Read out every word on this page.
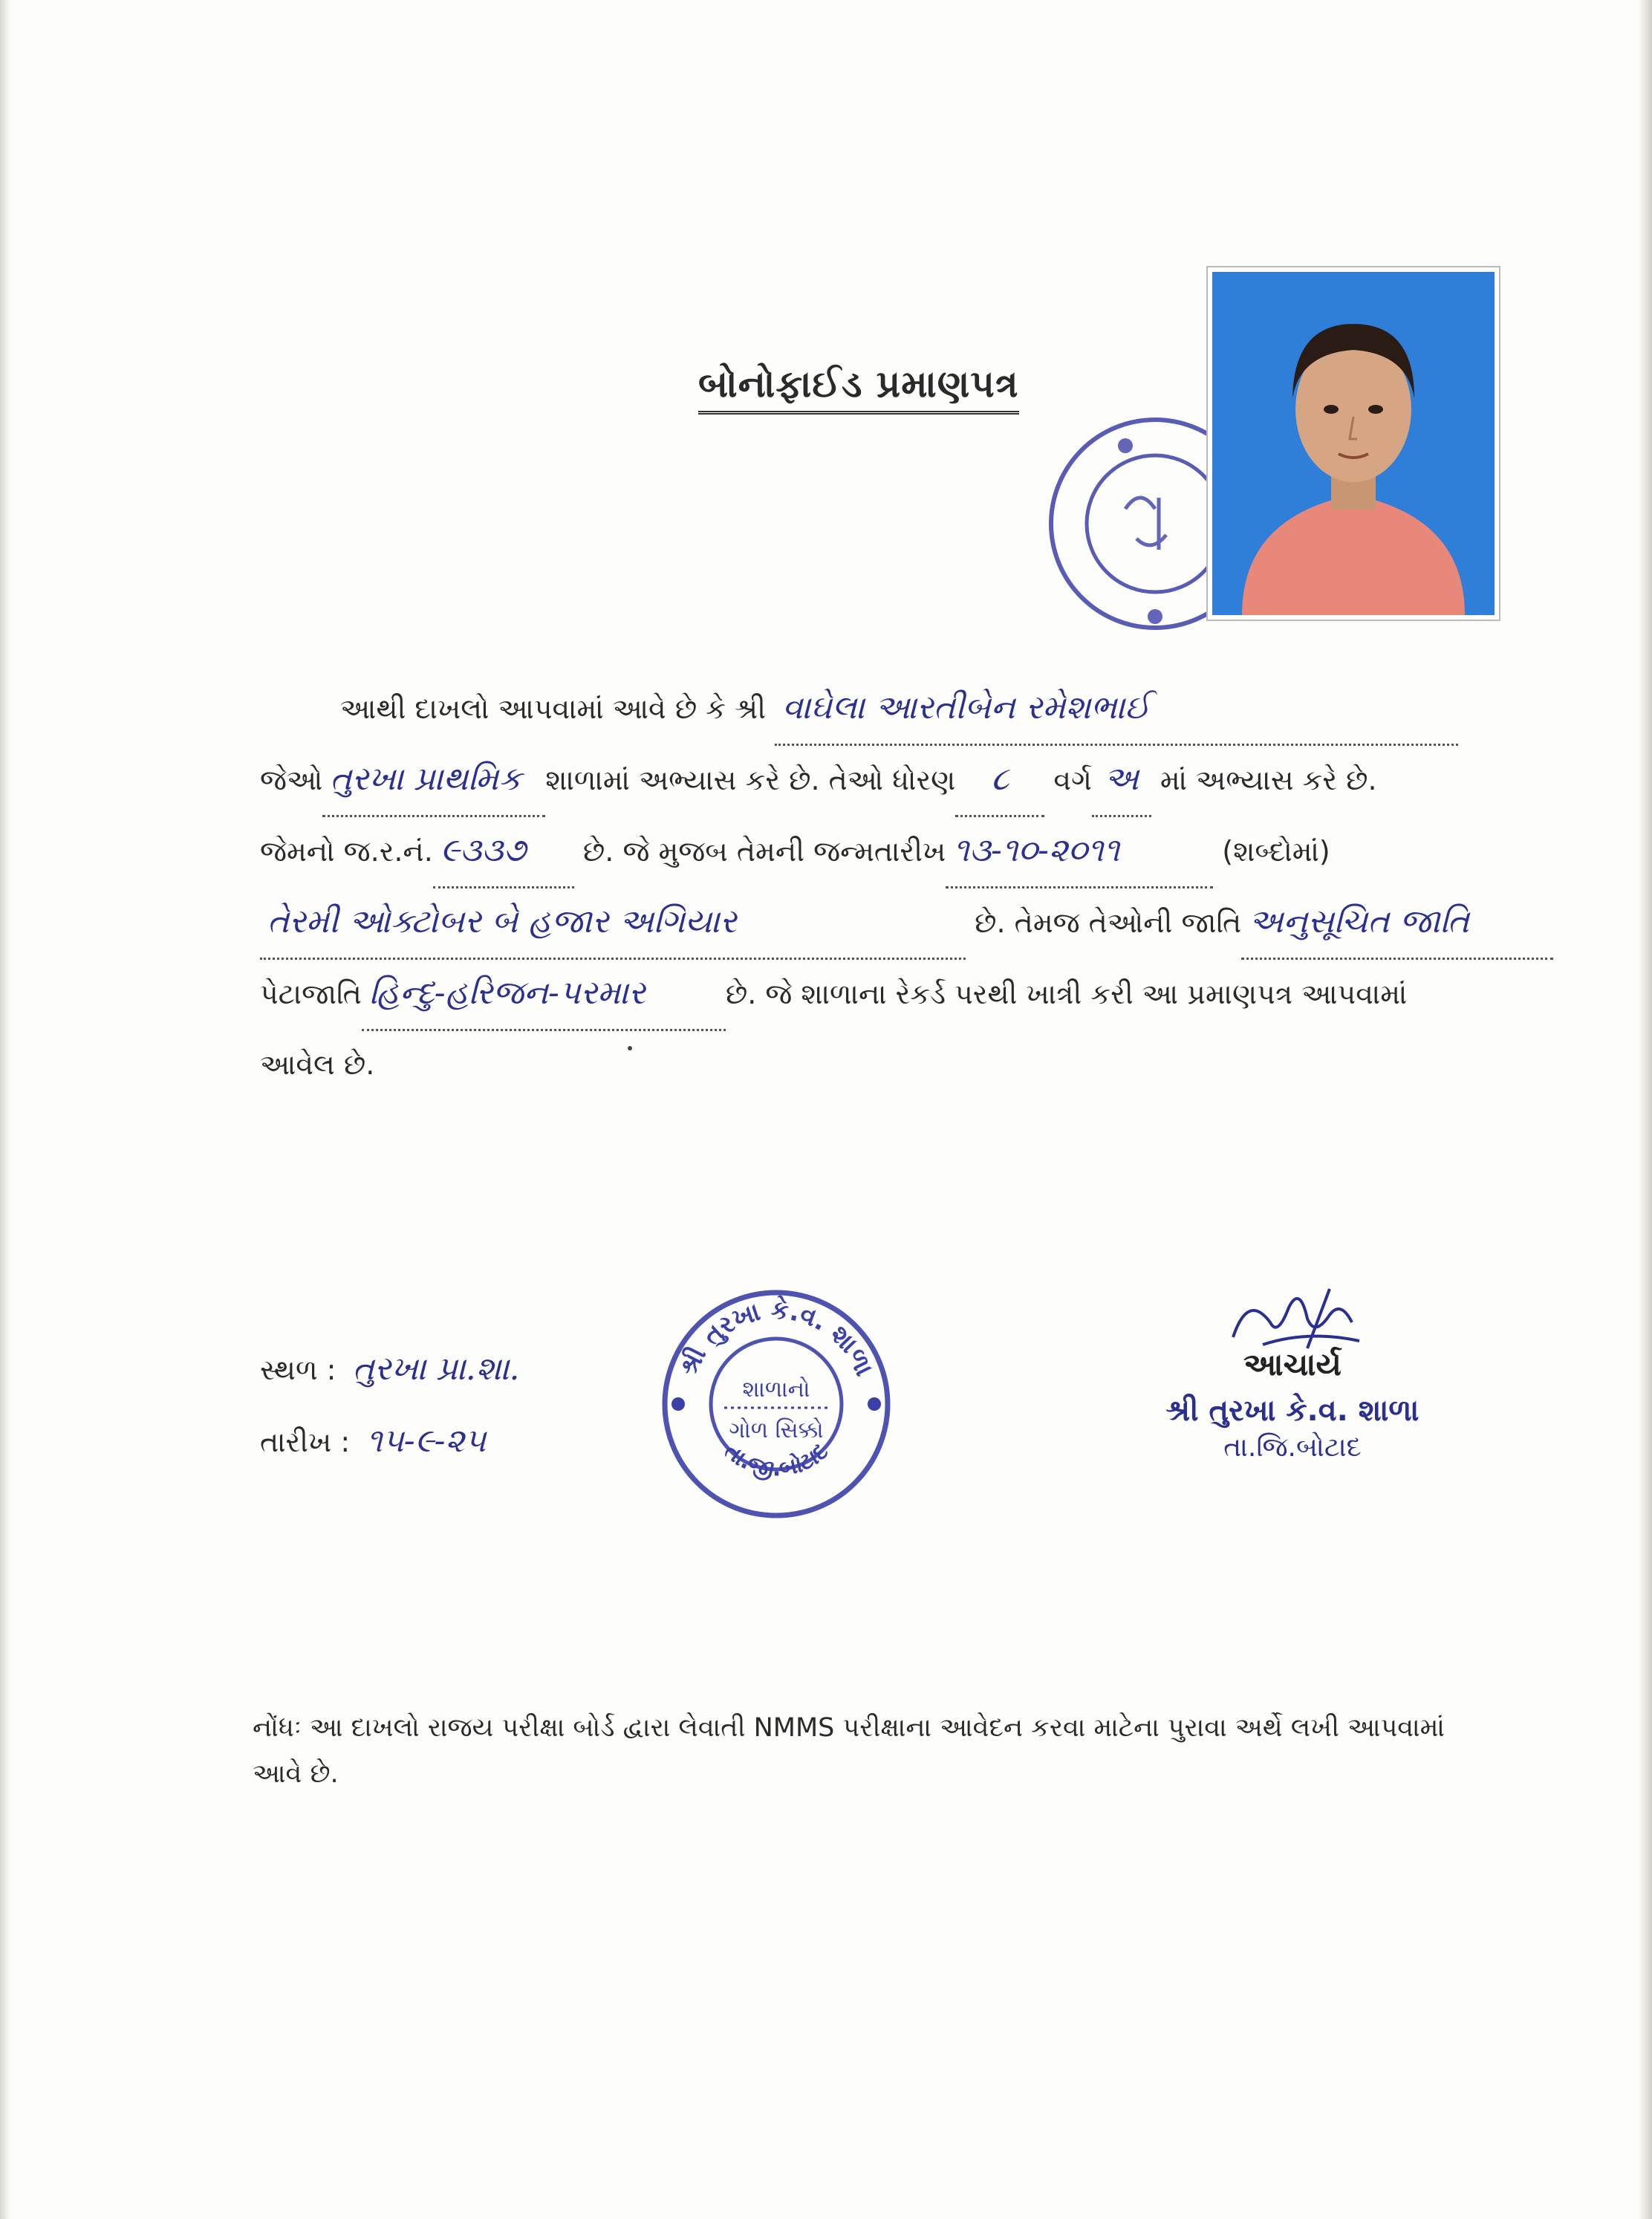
બોનોફાઈડ પ્રમાણપત્ર
આથી દાખલો આપવામાં આવે છે કે શ્રી વાઘેલા આરતીબેન રમેશભાઈ
જેઓ તુરખા પ્રાથમિક શાળામાં અભ્યાસ કરે છે. તેઓ ધોરણ ૮ વર્ગ અ માં અભ્યાસ કરે છે.
જેમનો જ.ર.નં. ૯૩૩૭ છે. જે મુજબ તેમની જન્મતારીખ ૧૩-૧૦-૨૦૧૧	(શબ્દોમાં)
તેરમી ઓક્ટોબર બે હજાર અગિયાર	છે. તેમજ તેઓની જાતિ અનુસૂચિત જાતિ
પેટાજાતિ હિન્દુ-હરિજન-પરમાર	છે. જે શાળાના રેકર્ડ પરથી ખાત્રી કરી આ પ્રમાણપત્ર આપવામાં
આવેલ છે.
સ્થળ : તુરખા પ્રા.શા.
તારીખ : ૧૫-૯-૨૫
શ્રી તુરખા કે.વ. શાળા
તા.જી.બોટાદ
શાળાનો
ગોળ સિક્કો
આચાર્ય
શ્રી તુરખા કે.વ. શાળા
તા.જિ.બોટાદ
નોંધઃ આ દાખલો રાજય પરીક્ષા બોર્ડ દ્વારા લેવાતી NMMS પરીક્ષાના આવેદન કરવા માટેના પુરાવા અર્થે લખી આપવામાં આવે છે.
